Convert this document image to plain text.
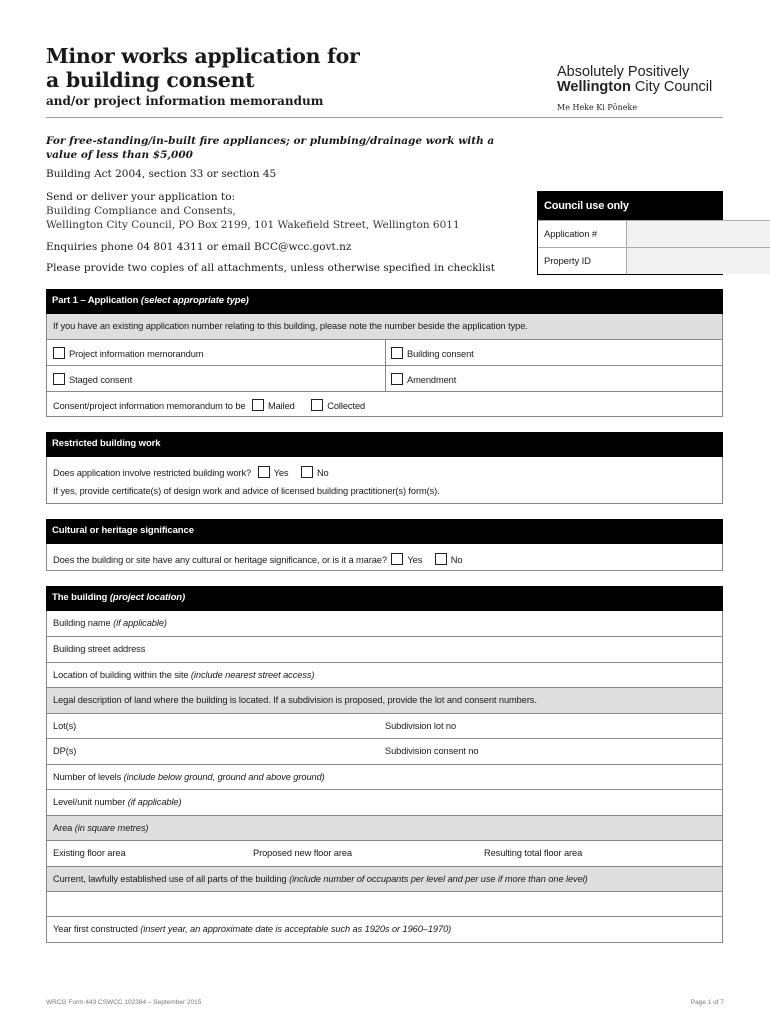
Minor works application for a building consent
and/or project information memorandum
Absolutely Positively
Wellington City Council
Me Heke Ki Pōneke
For free-standing/in-built fire appliances; or plumbing/drainage work with a value of less than $5,000
Building Act 2004, section 33 or section 45
Send or deliver your application to:
Building Compliance and Consents,
Wellington City Council, PO Box 2199, 101 Wakefield Street, Wellington 6011
Enquiries phone 04 801 4311 or email BCC@wcc.govt.nz
Please provide two copies of all attachments, unless otherwise specified in checklist
Council use only
Application #
Property ID
Part 1 – Application (select appropriate type)
If you have an existing application number relating to this building, please note the number beside the application type.
Project information memorandum	Building consent
Staged consent	Amendment
Consent/project information memorandum to be Mailed	Collected
Restricted building work
Does application involve restricted building work? Yes	No
If yes, provide certificate(s) of design work and advice of licensed building practitioner(s) form(s).
Cultural or heritage significance
Does the building or site have any cultural or heritage significance, or is it a marae? Yes	No
The building (project location)
Building name (if applicable)
Building street address
Location of building within the site (include nearest street access)
Legal description of land where the building is located. If a subdivision is proposed, provide the lot and consent numbers.
Lot(s)	Subdivision lot no
DP(s)	Subdivision consent no
Number of levels (include below ground, ground and above ground)
Level/unit number (if applicable)
Area (in square metres)
Existing floor area	Proposed new floor area	Resulting total floor area
Current, lawfully established use of all parts of the building (include number of occupants per level and per use if more than one level)
Year first constructed (insert year, an approximate date is acceptable such as 1920s or 1960–1970)
WRCG Form 443 CSWCC 102384 – September 2015	Page 1 of 7
